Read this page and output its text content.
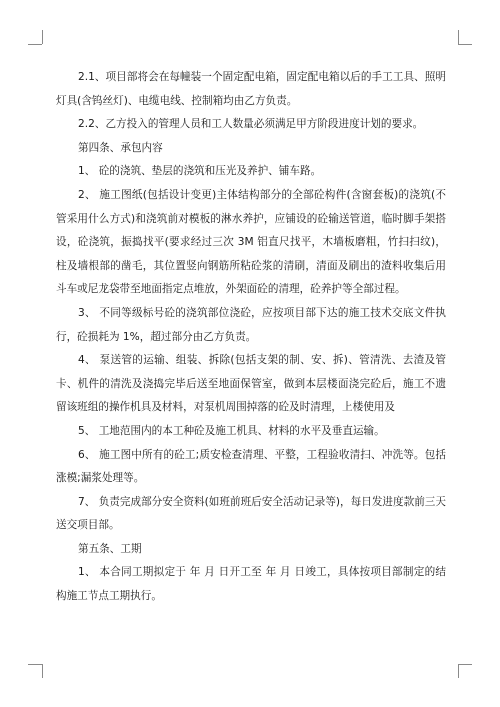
2.1、项目部将会在每幢装一个固定配电箱，固定配电箱以后的手工工具、照明灯具(含钨丝灯)、电缆电线、控制箱均由乙方负责。

2.2、乙方投入的管理人员和工人数量必须满足甲方阶段进度计划的要求。

第四条、承包内容

1、 砼的浇筑、垫层的浇筑和压光及养护、铺车路。

2、 施工图纸(包括设计变更)主体结构部分的全部砼构件(含窗套板)的浇筑(不管采用什么方式)和浇筑前对模板的淋水养护，应铺设的砼输送管道，临时脚手架搭设，砼浇筑，振捣找平(要求经过三次 3M 铝直尺找平，木墙板磨粗，竹扫扫纹)，柱及墙根部的凿毛，其位置竖向钢筋所粘砼浆的清刷，清面及刷出的渣料收集后用斗车或尼龙袋带至地面指定点堆放，外架面砼的清理，砼养护等全部过程。

3、 不同等级标号砼的浇筑部位浇砼，应按项目部下达的施工技术交底文件执行，砼损耗为 1%，超过部分由乙方负责。

4、 泵送管的运输、组装、拆除(包括支架的制、安、拆)、管清洗、去渣及管卡、机件的清洗及浇捣完毕后送至地面保管室，做到本层楼面浇完砼后，施工不遗留该班组的操作机具及材料，对泵机周围掉落的砼及时清理，上楼使用及

5、 工地范围内的本工种砼及施工机具、材料的水平及垂直运输。

6、 施工图中所有的砼工;质安检查清理、平整，工程验收清扫、冲洗等。包括涨模;漏浆处理等。

7、 负责完成部分安全资料(如班前班后安全活动记录等)，每日发进度款前三天送交项目部。

第五条、工期

1、 本合同工期拟定于 年 月 日开工至 年 月 日竣工，具体按项目部制定的结构施工节点工期执行。
